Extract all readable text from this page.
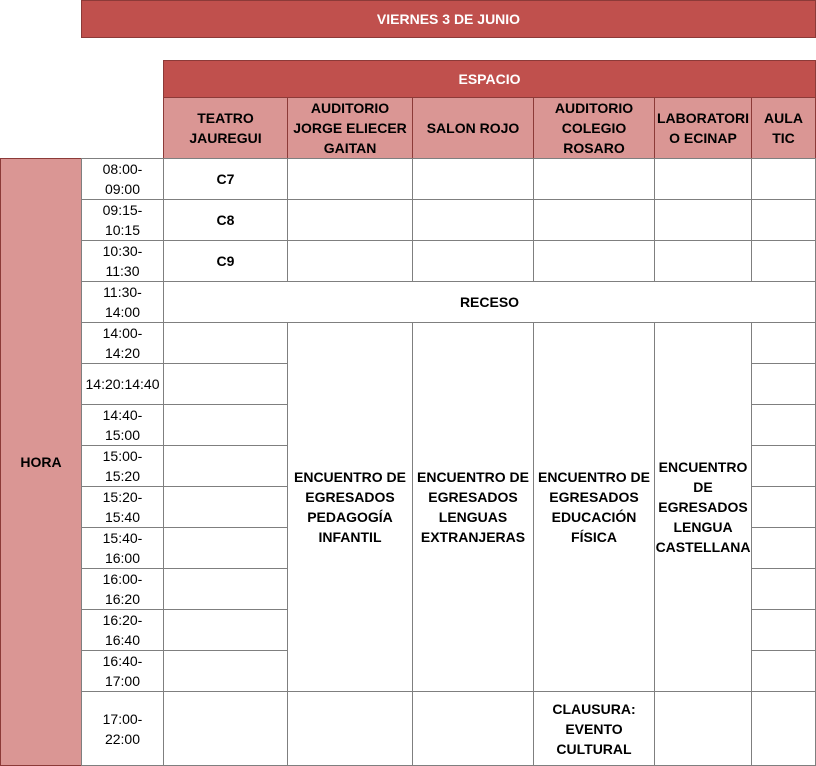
VIERNES 3 DE JUNIO
ESPACIO
TEATRO JAUREGUI
AUDITORIO JORGE ELIECER GAITAN
SALON ROJO
AUDITORIO COLEGIO ROSARO
LABORATORIO ECINAP
AULA TIC
HORA
08:00-09:00
09:15-10:15
10:30-11:30
11:30-14:00
14:00-14:20
14:20:14:40
14:40-15:00
15:00-15:20
15:20-15:40
15:40-16:00
16:00-16:20
16:20-16:40
16:40-17:00
17:00-22:00
C7
C8
C9
RECESO
ENCUENTRO DE EGRESADOS PEDAGOGÍA INFANTIL
ENCUENTRO DE EGRESADOS LENGUAS EXTRANJERAS
ENCUENTRO DE EGRESADOS EDUCACIÓN FÍSICA
ENCUENTRO DE EGRESADOS LENGUA CASTELLANA
CLAUSURA: EVENTO CULTURAL
